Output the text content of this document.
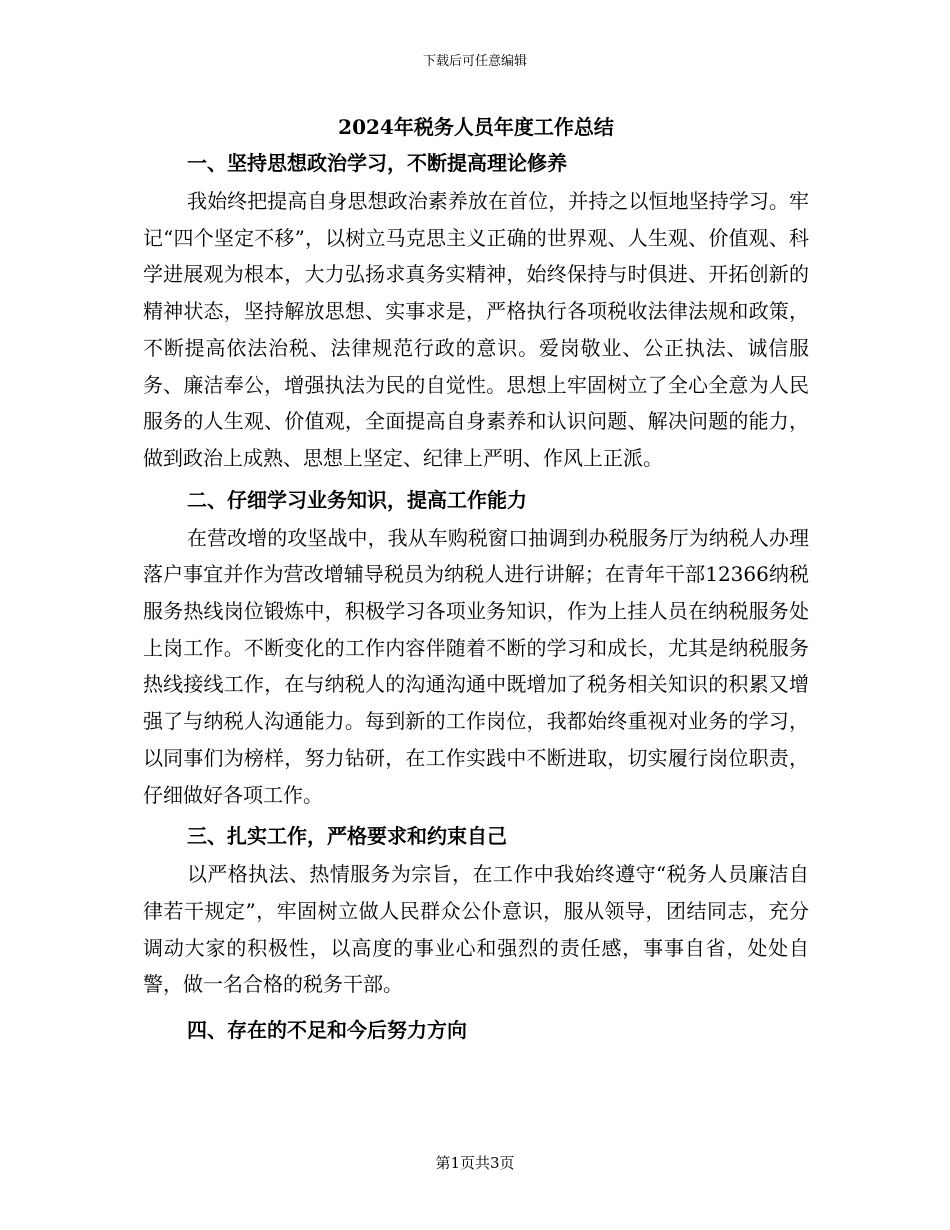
下载后可任意编辑
2024年税务人员年度工作总结
一、坚持思想政治学习，不断提高理论修养

我始终把提高自身思想政治素养放在首位，并持之以恒地坚持学习。牢记“四个坚定不移”，以树立马克思主义正确的世界观、人生观、价值观、科学进展观为根本，大力弘扬求真务实精神，始终保持与时俱进、开拓创新的精神状态，坚持解放思想、实事求是，严格执行各项税收法律法规和政策，不断提高依法治税、法律规范行政的意识。爱岗敬业、公正执法、诚信服务、廉洁奉公，增强执法为民的自觉性。思想上牢固树立了全心全意为人民服务的人生观、价值观，全面提高自身素养和认识问题、解决问题的能力，做到政治上成熟、思想上坚定、纪律上严明、作风上正派。

二、仔细学习业务知识，提高工作能力

在营改增的攻坚战中，我从车购税窗口抽调到办税服务厅为纳税人办理落户事宜并作为营改增辅导税员为纳税人进行讲解；在青年干部12366纳税服务热线岗位锻炼中，积极学习各项业务知识，作为上挂人员在纳税服务处上岗工作。不断变化的工作内容伴随着不断的学习和成长，尤其是纳税服务热线接线工作，在与纳税人的沟通沟通中既增加了税务相关知识的积累又增强了与纳税人沟通能力。每到新的工作岗位，我都始终重视对业务的学习，以同事们为榜样，努力钻研，在工作实践中不断进取，切实履行岗位职责，仔细做好各项工作。

三、扎实工作，严格要求和约束自己

以严格执法、热情服务为宗旨，在工作中我始终遵守“税务人员廉洁自律若干规定”，牢固树立做人民群众公仆意识，服从领导，团结同志，充分调动大家的积极性，以高度的事业心和强烈的责任感，事事自省，处处自警，做一名合格的税务干部。

四、存在的不足和今后努力方向
第1页共3页
